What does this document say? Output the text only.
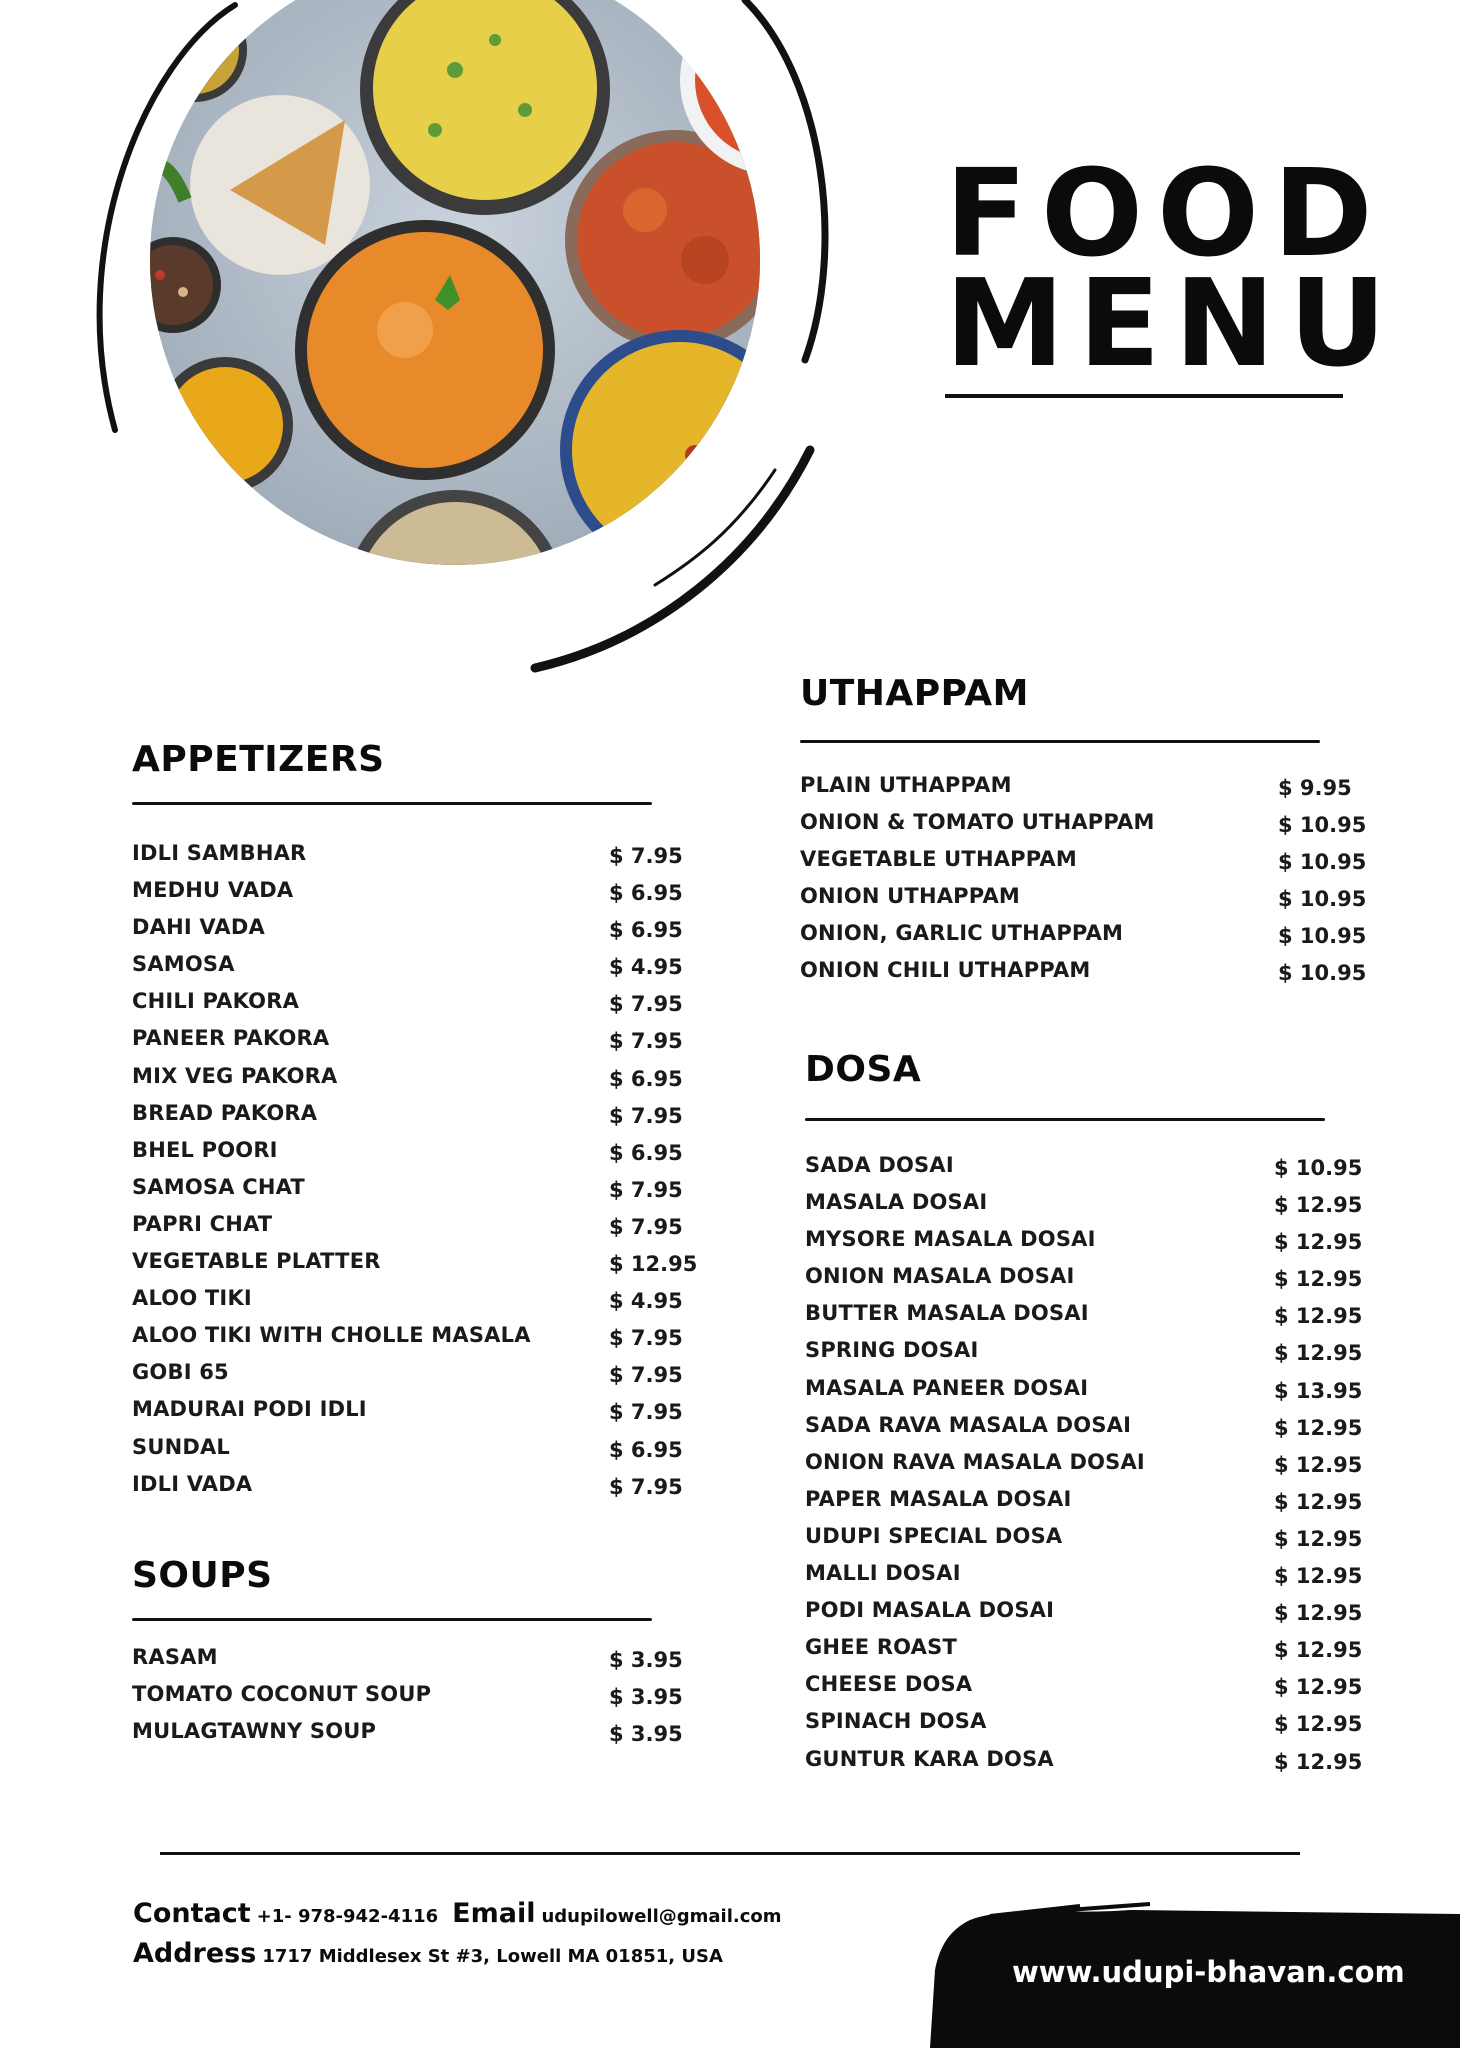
FOOD
MENU
APPETIZERS
IDLI SAMBHAR	$ 7.95
MEDHU VADA	$ 6.95
DAHI VADA	$ 6.95
SAMOSA	$ 4.95
CHILI PAKORA	$ 7.95
PANEER PAKORA	$ 7.95
MIX VEG PAKORA	$ 6.95
BREAD PAKORA	$ 7.95
BHEL POORI	$ 6.95
SAMOSA CHAT	$ 7.95
PAPRI CHAT	$ 7.95
VEGETABLE PLATTER	$ 12.95
ALOO TIKI	$ 4.95
ALOO TIKI WITH CHOLLE MASALA	$ 7.95
GOBI 65	$ 7.95
MADURAI PODI IDLI	$ 7.95
SUNDAL	$ 6.95
IDLI VADA	$ 7.95
SOUPS
RASAM	$ 3.95
TOMATO COCONUT SOUP	$ 3.95
MULAGTAWNY SOUP	$ 3.95
UTHAPPAM
PLAIN UTHAPPAM	$ 9.95
ONION & TOMATO UTHAPPAM	$ 10.95
VEGETABLE UTHAPPAM	$ 10.95
ONION UTHAPPAM	$ 10.95
ONION, GARLIC UTHAPPAM	$ 10.95
ONION CHILI UTHAPPAM	$ 10.95
DOSA
SADA DOSAI	$ 10.95
MASALA DOSAI	$ 12.95
MYSORE MASALA DOSAI	$ 12.95
ONION MASALA DOSAI	$ 12.95
BUTTER MASALA DOSAI	$ 12.95
SPRING DOSAI	$ 12.95
MASALA PANEER DOSAI	$ 13.95
SADA RAVA MASALA DOSAI	$ 12.95
ONION RAVA MASALA DOSAI	$ 12.95
PAPER MASALA DOSAI	$ 12.95
UDUPI SPECIAL DOSA	$ 12.95
MALLI DOSAI	$ 12.95
PODI MASALA DOSAI	$ 12.95
GHEE ROAST	$ 12.95
CHEESE DOSA	$ 12.95
SPINACH DOSA	$ 12.95
GUNTUR KARA DOSA	$ 12.95
Contact +1- 978-942-4116 Email udupilowell@gmail.com
Address 1717 Middlesex St #3, Lowell MA 01851, USA	www.udupi-bhavan.com
